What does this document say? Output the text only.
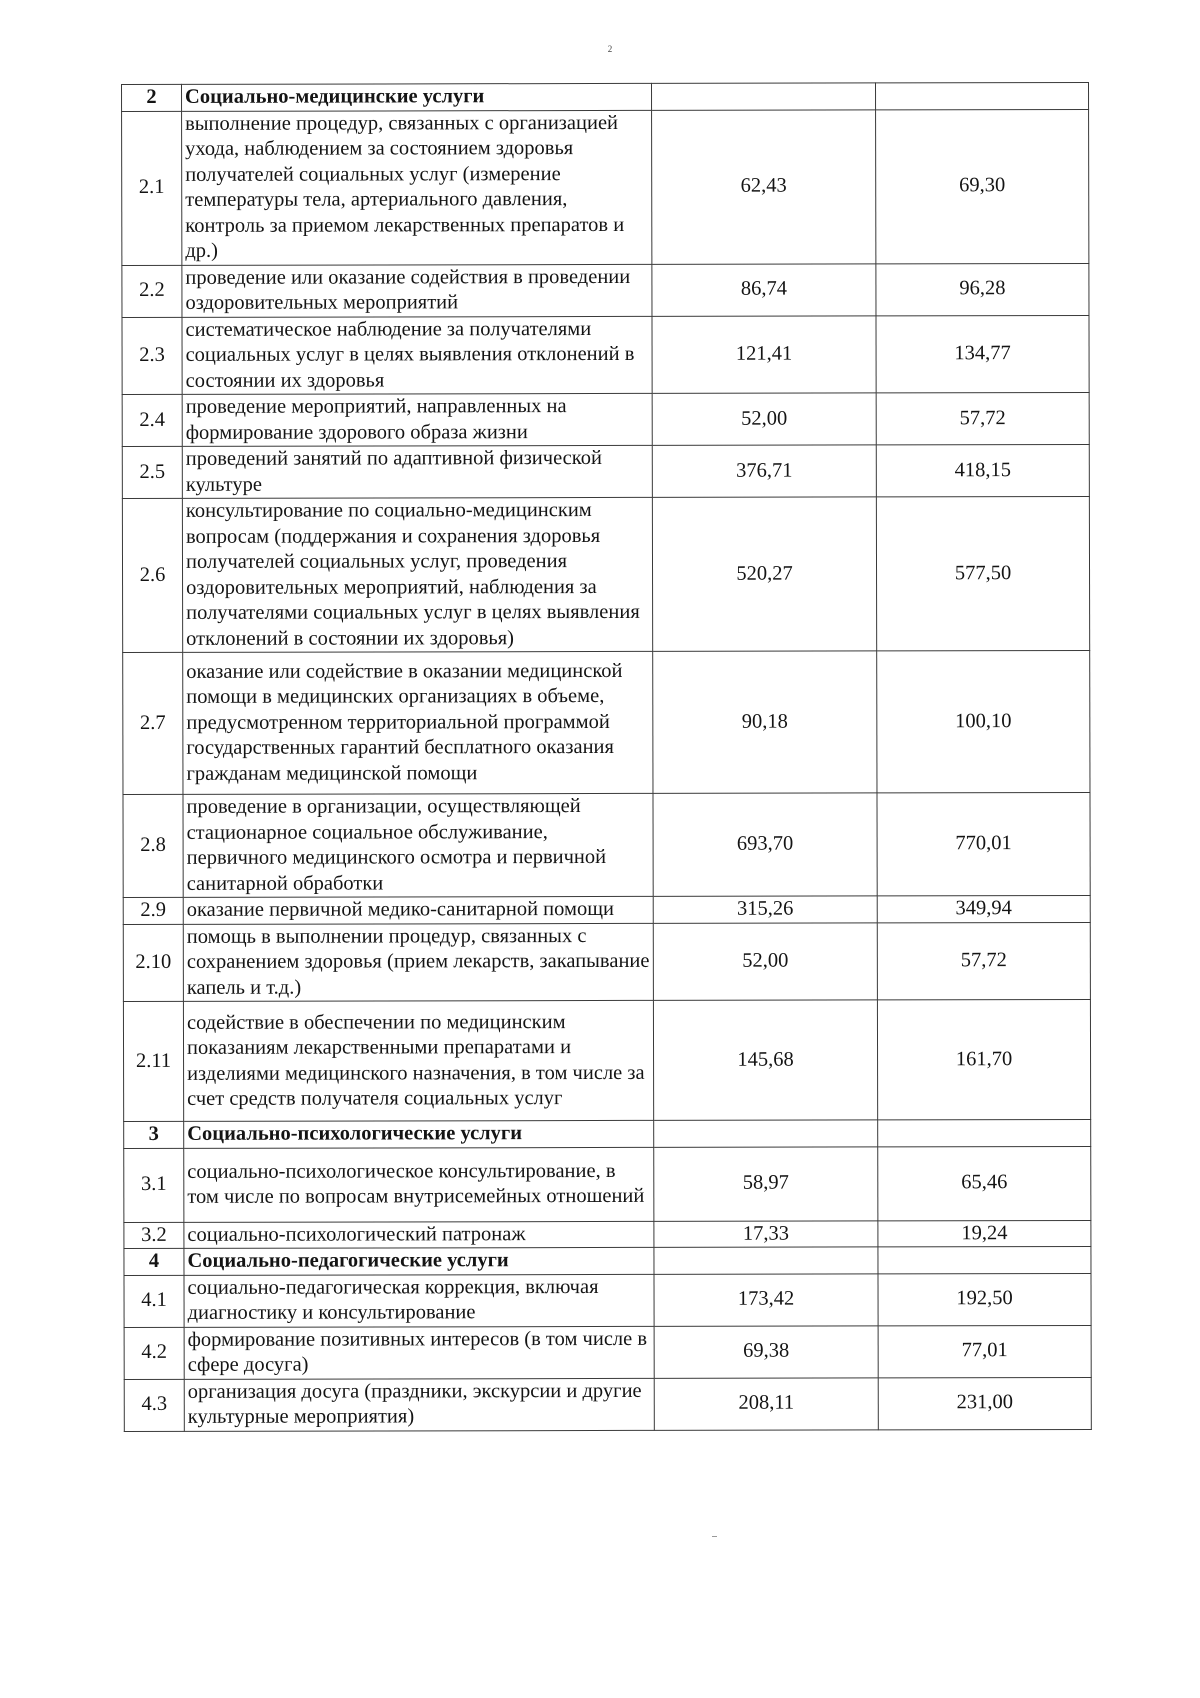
2
2	Социально-медицинские услуги		
2.1	выполнение процедур, связанных с организацией ухода, наблюдением за состоянием здоровья получателей социальных услуг (измерение температуры тела, артериального давления, контроль за приемом лекарственных препаратов и др.)	62,43	69,30
2.2	проведение или оказание содействия в проведении оздоровительных мероприятий	86,74	96,28
2.3	систематическое наблюдение за получателями социальных услуг в целях выявления отклонений в состоянии их здоровья	121,41	134,77
2.4	проведение мероприятий, направленных на формирование здорового образа жизни	52,00	57,72
2.5	проведений занятий по адаптивной физической культуре	376,71	418,15
2.6	консультирование по социально-медицинским вопросам (поддержания и сохранения здоровья получателей социальных услуг, проведения оздоровительных мероприятий, наблюдения за получателями социальных услуг в целях выявления отклонений в состоянии их здоровья)	520,27	577,50
2.7	оказание или содействие в оказании медицинской помощи в медицинских организациях в объеме, предусмотренном территориальной программой государственных гарантий бесплатного оказания гражданам медицинской помощи	90,18	100,10
2.8	проведение в организации, осуществляющей стационарное социальное обслуживание, первичного медицинского осмотра и первичной санитарной обработки	693,70	770,01
2.9	оказание первичной медико-санитарной помощи	315,26	349,94
2.10	помощь в выполнении процедур, связанных с сохранением здоровья (прием лекарств, закапывание капель и т.д.)	52,00	57,72
2.11	содействие в обеспечении по медицинским показаниям лекарственными препаратами и изделиями медицинского назначения, в том числе за счет средств получателя социальных услуг	145,68	161,70
3	Социально-психологические услуги		
3.1	социально-психологическое консультирование, в том числе по вопросам внутрисемейных отношений	58,97	65,46
3.2	социально-психологический патронаж	17,33	19,24
4	Социально-педагогические услуги		
4.1	социально-педагогическая коррекция, включая диагностику и консультирование	173,42	192,50
4.2	формирование позитивных интересов (в том числе в сфере досуга)	69,38	77,01
4.3	организация досуга (праздники, экскурсии и другие культурные мероприятия)	208,11	231,00
